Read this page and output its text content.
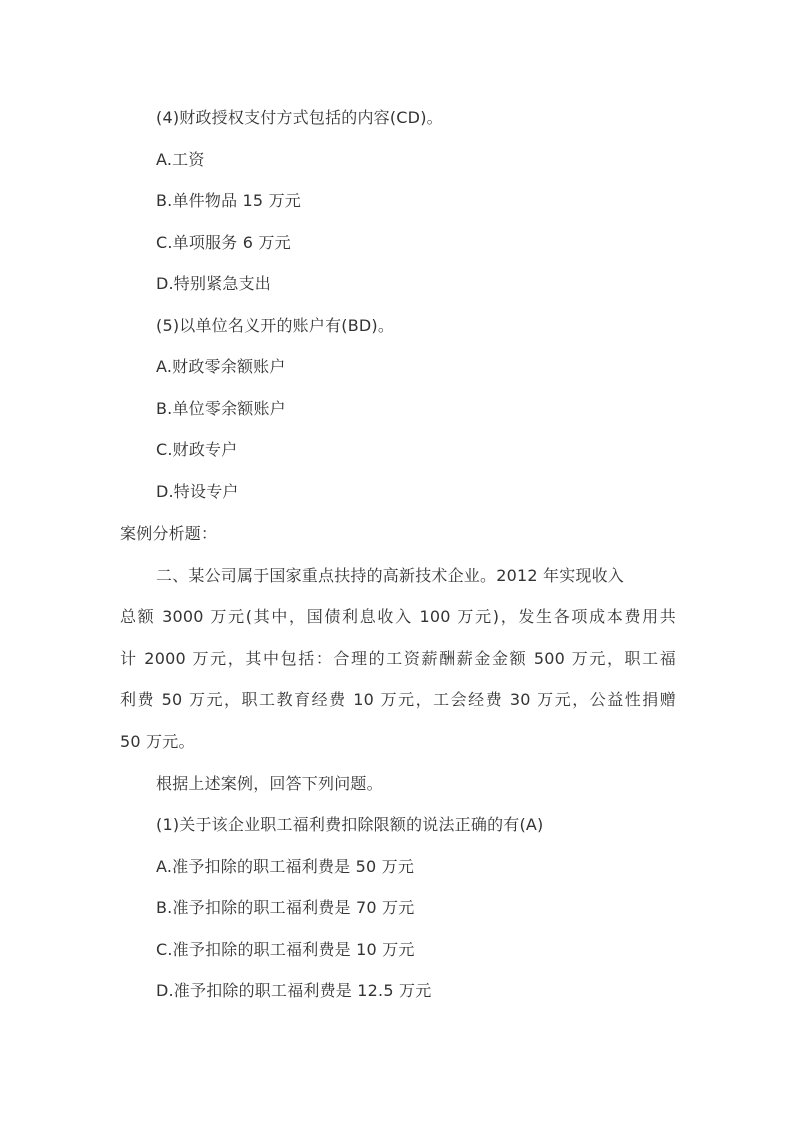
(4)财政授权支付方式包括的内容(CD)。
A.工资
B.单件物品 15 万元
C.单项服务 6 万元
D.特别紧急支出
(5)以单位名义开的账户有(BD)。
A.财政零余额账户
B.单位零余额账户
C.财政专户
D.特设专户
案例分析题：
二、某公司属于国家重点扶持的高新技术企业。2012 年实现收入
总额 3000 万元(其中，国债利息收入 100 万元)，发生各项成本费用共
计 2000 万元，其中包括：合理的工资薪酬薪金金额 500 万元，职工福
利费 50 万元，职工教育经费 10 万元，工会经费 30 万元，公益性捐赠
50 万元。
根据上述案例，回答下列问题。
(1)关于该企业职工福利费扣除限额的说法正确的有(A)
A.准予扣除的职工福利费是 50 万元
B.准予扣除的职工福利费是 70 万元
C.准予扣除的职工福利费是 10 万元
D.准予扣除的职工福利费是 12.5 万元
